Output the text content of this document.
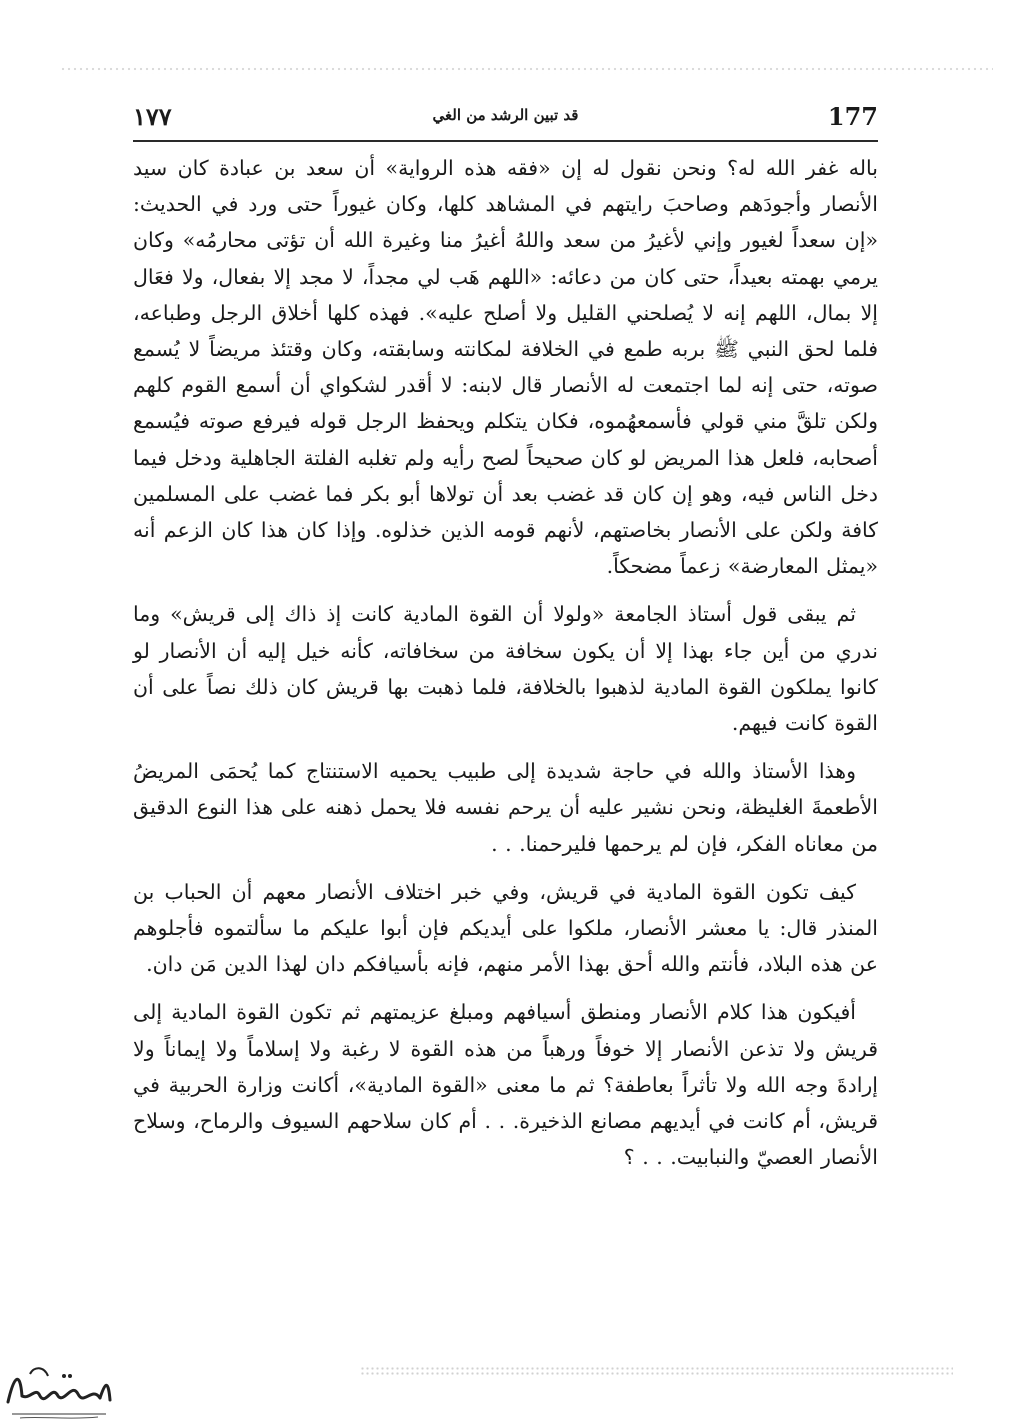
177
قد تبين الرشد من الغي
١٧٧

باله غفر الله له؟ ونحن نقول له إن «فقه هذه الرواية» أن سعد بن عبادة كان سيد الأنصار وأجودَهم وصاحبَ رايتهم في المشاهد كلها، وكان غيوراً حتى ورد في الحديث: «إن سعداً لغيور وإني لأغيرُ من سعد واللهُ أغيرُ منا وغيرة الله أن تؤتى محارمُه» وكان يرمي بهمته بعيداً، حتى كان من دعائه: «اللهم هَب لي مجداً، لا مجد إلا بفعال، ولا فعَال إلا بمال، اللهم إنه لا يُصلحني القليل ولا أصلح عليه». فهذه كلها أخلاق الرجل وطباعه، فلما لحق النبي ﷺ بربه طمع في الخلافة لمكانته وسابقته، وكان وقتئذ مريضاً لا يُسمع صوته، حتى إنه لما اجتمعت له الأنصار قال لابنه: لا أقدر لشكواي أن أسمع القوم كلهم ولكن تلقَّ مني قولي فأسمعهُموه، فكان يتكلم ويحفظ الرجل قوله فيرفع صوته فيُسمع أصحابه، فلعل هذا المريض لو كان صحيحاً لصح رأيه ولم تغلبه الفلتة الجاهلية ودخل فيما دخل الناس فيه، وهو إن كان قد غضب بعد أن تولاها أبو بكر فما غضب على المسلمين كافة ولكن على الأنصار بخاصتهم، لأنهم قومه الذين خذلوه. وإذا كان هذا كان الزعم أنه «يمثل المعارضة» زعماً مضحكاً.

ثم يبقى قول أستاذ الجامعة «ولولا أن القوة المادية كانت إذ ذاك إلى قريش» وما ندري من أين جاء بهذا إلا أن يكون سخافة من سخافاته، كأنه خيل إليه أن الأنصار لو كانوا يملكون القوة المادية لذهبوا بالخلافة، فلما ذهبت بها قريش كان ذلك نصاً على أن القوة كانت فيهم.

وهذا الأستاذ والله في حاجة شديدة إلى طبيب يحميه الاستنتاج كما يُحمَى المريضُ الأطعمةَ الغليظة، ونحن نشير عليه أن يرحم نفسه فلا يحمل ذهنه على هذا النوع الدقيق من معاناه الفكر، فإن لم يرحمها فليرحمنا. . .

كيف تكون القوة المادية في قريش، وفي خبر اختلاف الأنصار معهم أن الحباب بن المنذر قال: يا معشر الأنصار، ملكوا على أيديكم فإن أبوا عليكم ما سألتموه فأجلوهم عن هذه البلاد، فأنتم والله أحق بهذا الأمر منهم، فإنه بأسيافكم دان لهذا الدين مَن دان.

أفيكون هذا كلام الأنصار ومنطق أسيافهم ومبلغ عزيمتهم ثم تكون القوة المادية إلى قريش ولا تذعن الأنصار إلا خوفاً ورهباً من هذه القوة لا رغبة ولا إسلاماً ولا إيماناً ولا إرادةَ وجه الله ولا تأثراً بعاطفة؟ ثم ما معنى «القوة المادية»، أكانت وزارة الحربية في قريش، أم كانت في أيديهم مصانع الذخيرة. . . أم كان سلاحهم السيوف والرماح، وسلاح الأنصار العصيّ والنبابيت. . . ؟
